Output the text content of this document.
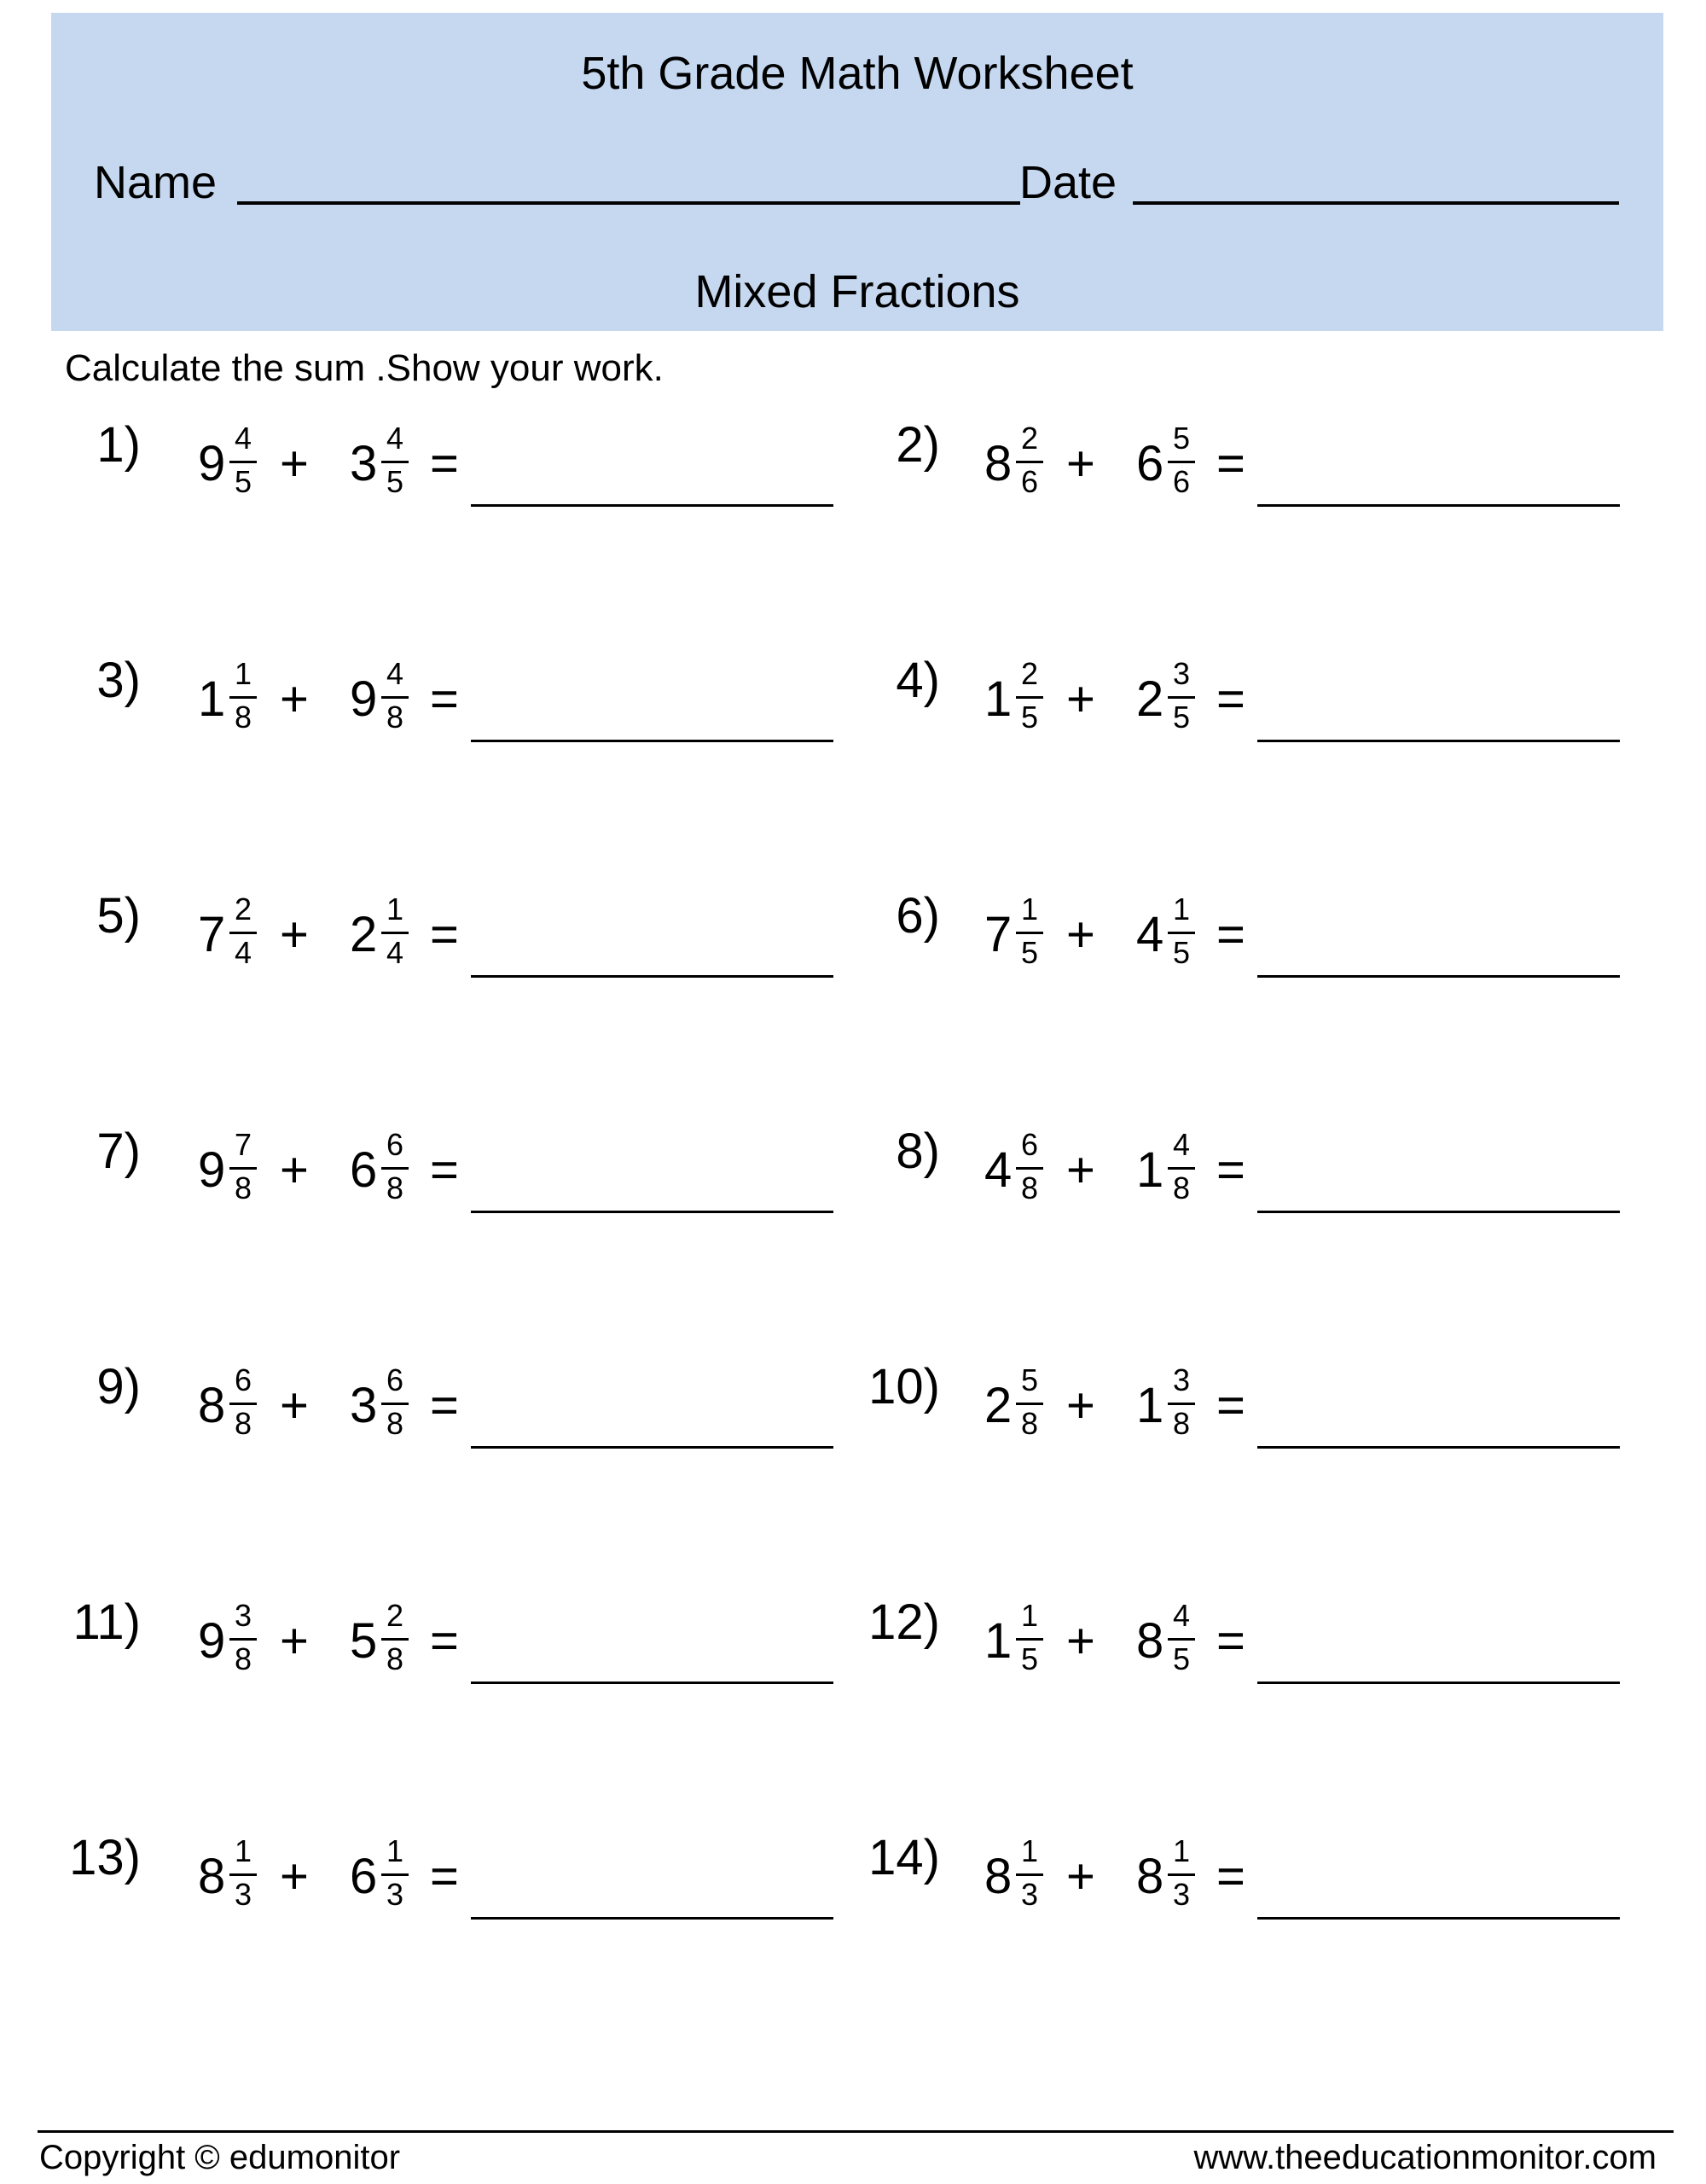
5th Grade Math Worksheet
Name	Date
Mixed Fractions
Calculate the sum .Show your work.
1) 9 4
5 + 3 4
5 =	2) 8 2
6 + 6 5
6 =
3) 1 1
8 + 9 4
8 =	4) 1 2
5 + 2 3
5 =
5) 7 2
4 + 2 1
4 =	6) 7 1
5 + 4 1
5 =
7) 9 7
8 + 6 6
8 =	8) 4 6
8 + 1 4
8 =
9) 8 6
8 + 3 6
8 =	10) 2 5
8 + 1 3
8 =
11) 9 3
8 + 5 2
8 =	12) 1 1
5 + 8 4
5 =
13) 8 1
3 + 6 1
3 =	14) 8 1
3 + 8 1
3 =
Copyright © edumonitor	www.theeducationmonitor.com
